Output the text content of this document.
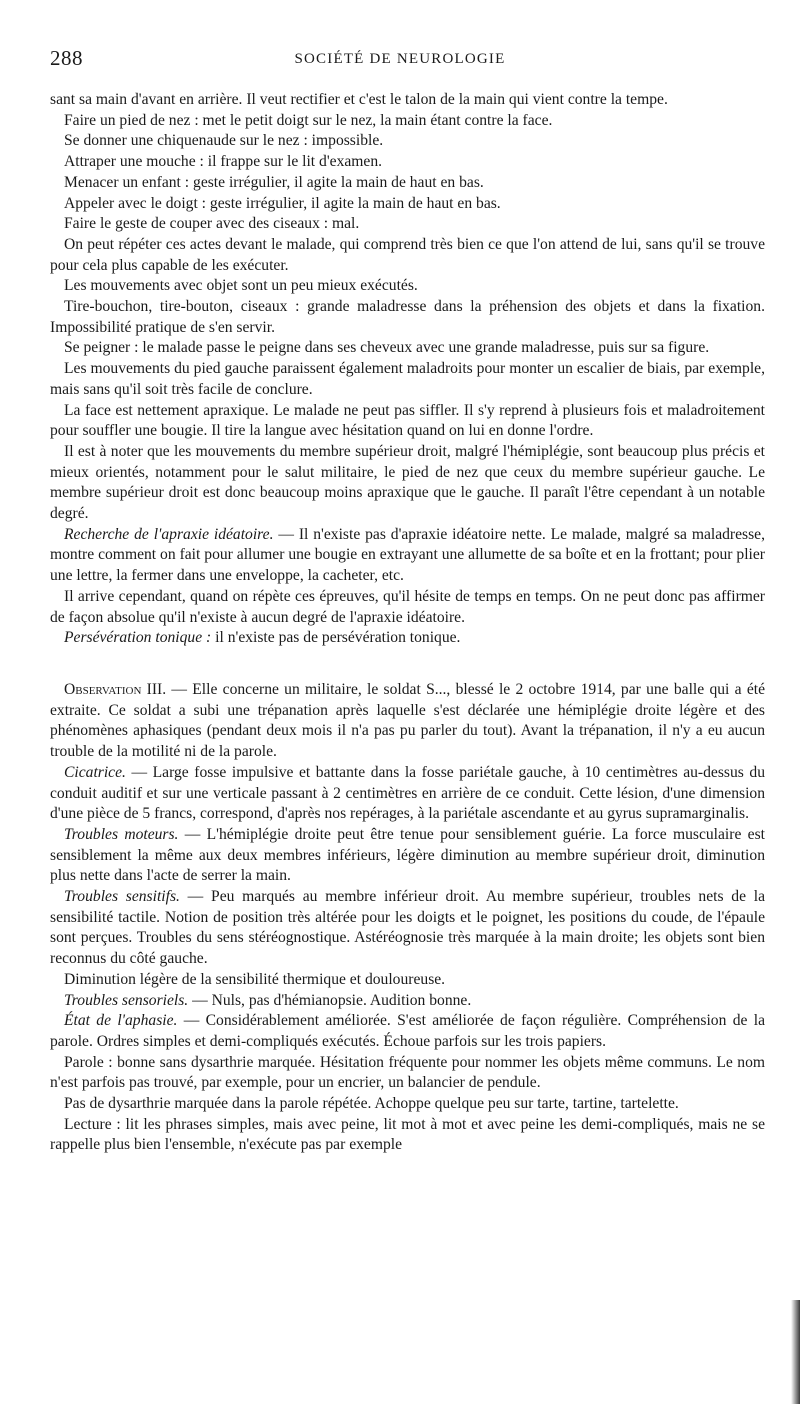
288	SOCIÉTÉ DE NEUROLOGIE

sant sa main d'avant en arrière. Il veut rectifier et c'est le talon de la main qui vient contre la tempe.

Faire un pied de nez : met le petit doigt sur le nez, la main étant contre la face.

Se donner une chiquenaude sur le nez : impossible.

Attraper une mouche : il frappe sur le lit d'examen.

Menacer un enfant : geste irrégulier, il agite la main de haut en bas.

Appeler avec le doigt : geste irrégulier, il agite la main de haut en bas.

Faire le geste de couper avec des ciseaux : mal.

On peut répéter ces actes devant le malade, qui comprend très bien ce que l'on attend de lui, sans qu'il se trouve pour cela plus capable de les exécuter.

Les mouvements avec objet sont un peu mieux exécutés.

Tire-bouchon, tire-bouton, ciseaux : grande maladresse dans la préhension des objets et dans la fixation. Impossibilité pratique de s'en servir.

Se peigner : le malade passe le peigne dans ses cheveux avec une grande maladresse, puis sur sa figure.

Les mouvements du pied gauche paraissent également maladroits pour monter un escalier de biais, par exemple, mais sans qu'il soit très facile de conclure.

La face est nettement apraxique. Le malade ne peut pas siffler. Il s'y reprend à plusieurs fois et maladroitement pour souffler une bougie. Il tire la langue avec hésitation quand on lui en donne l'ordre.

Il est à noter que les mouvements du membre supérieur droit, malgré l'hémiplégie, sont beaucoup plus précis et mieux orientés, notamment pour le salut militaire, le pied de nez que ceux du membre supérieur gauche. Le membre supérieur droit est donc beaucoup moins apraxique que le gauche. Il paraît l'être cependant à un notable degré.

Recherche de l'apraxie idéatoire. — Il n'existe pas d'apraxie idéatoire nette. Le malade, malgré sa maladresse, montre comment on fait pour allumer une bougie en extrayant une allumette de sa boîte et en la frottant; pour plier une lettre, la fermer dans une enveloppe, la cacheter, etc.

Il arrive cependant, quand on répète ces épreuves, qu'il hésite de temps en temps. On ne peut donc pas affirmer de façon absolue qu'il n'existe à aucun degré de l'apraxie idéatoire.

Persévération tonique : il n'existe pas de persévération tonique.

Observation III. — Elle concerne un militaire, le soldat S..., blessé le 2 octobre 1914, par une balle qui a été extraite. Ce soldat a subi une trépanation après laquelle s'est déclarée une hémiplégie droite légère et des phénomènes aphasiques (pendant deux mois il n'a pas pu parler du tout). Avant la trépanation, il n'y a eu aucun trouble de la motilité ni de la parole.

Cicatrice. — Large fosse impulsive et battante dans la fosse pariétale gauche, à 10 centimètres au-dessus du conduit auditif et sur une verticale passant à 2 centimètres en arrière de ce conduit. Cette lésion, d'une dimension d'une pièce de 5 francs, correspond, d'après nos repérages, à la pariétale ascendante et au gyrus supramarginalis.

Troubles moteurs. — L'hémiplégie droite peut être tenue pour sensiblement guérie. La force musculaire est sensiblement la même aux deux membres inférieurs, légère diminution au membre supérieur droit, diminution plus nette dans l'acte de serrer la main.

Troubles sensitifs. — Peu marqués au membre inférieur droit. Au membre supérieur, troubles nets de la sensibilité tactile. Notion de position très altérée pour les doigts et le poignet, les positions du coude, de l'épaule sont perçues. Troubles du sens stéréognostique. Astéréognosie très marquée à la main droite; les objets sont bien reconnus du côté gauche.

Diminution légère de la sensibilité thermique et douloureuse.

Troubles sensoriels. — Nuls, pas d'hémianopsie. Audition bonne.

État de l'aphasie. — Considérablement améliorée. S'est améliorée de façon régulière. Compréhension de la parole. Ordres simples et demi-compliqués exécutés. Échoue parfois sur les trois papiers.

Parole : bonne sans dysarthrie marquée. Hésitation fréquente pour nommer les objets même communs. Le nom n'est parfois pas trouvé, par exemple, pour un encrier, un balancier de pendule.

Pas de dysarthrie marquée dans la parole répétée. Achoppe quelque peu sur tarte, tartine, tartelette.

Lecture : lit les phrases simples, mais avec peine, lit mot à mot et avec peine les demi-compliqués, mais ne se rappelle plus bien l'ensemble, n'exécute pas par exemple
